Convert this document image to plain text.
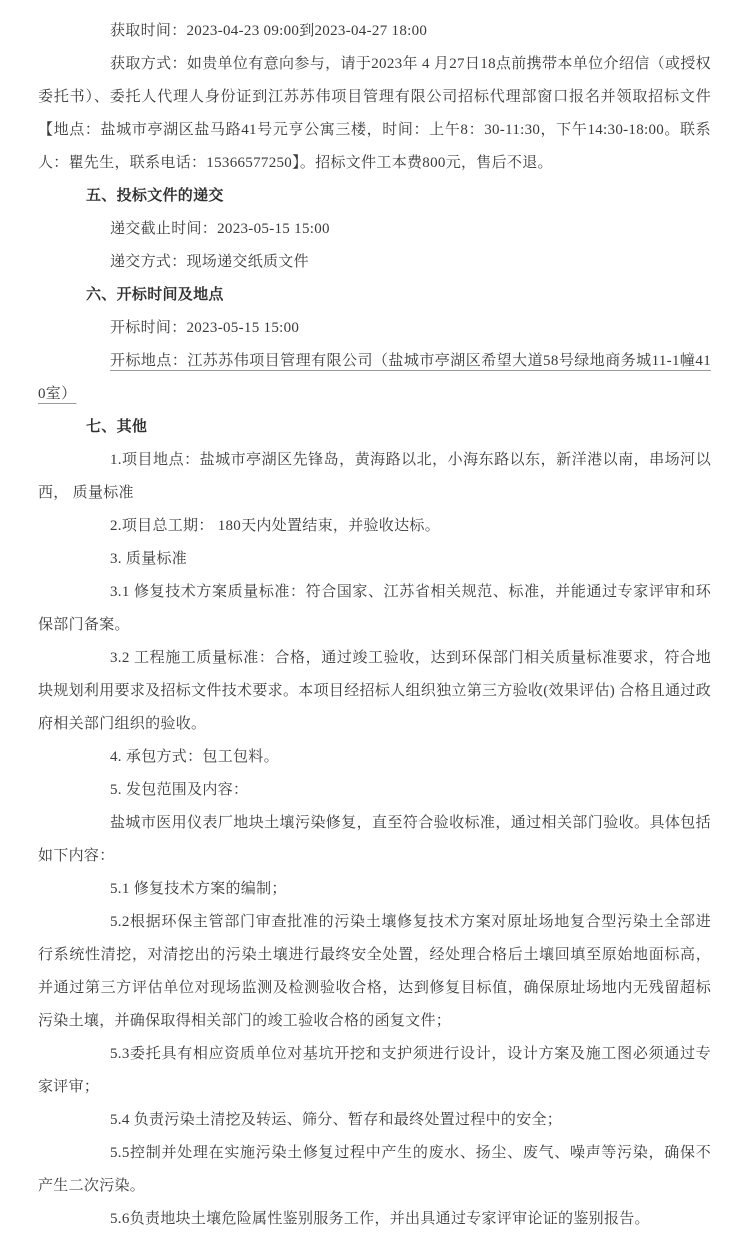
获取时间：2023-04-23 09:00到2023-04-27 18:00

获取方式：如贵单位有意向参与，请于2023年 4 月27日18点前携带本单位介绍信（或授权委托书）、委托人代理人身份证到江苏苏伟项目管理有限公司招标代理部窗口报名并领取招标文件【地点：盐城市亭湖区盐马路41号元亨公寓三楼，时间：上午8：30-11:30，下午14:30-18:00。联系人：瞿先生，联系电话：15366577250】。招标文件工本费800元，售后不退。

五、投标文件的递交

递交截止时间：2023-05-15 15:00

递交方式：现场递交纸质文件

六、开标时间及地点

开标时间：2023-05-15 15:00

开标地点：江苏苏伟项目管理有限公司（盐城市亭湖区希望大道58号绿地商务城11-1幢410室）

七、其他

1.项目地点：盐城市亭湖区先锋岛，黄海路以北，小海东路以东，新洋港以南，串场河以西， 质量标准

2.项目总工期： 180天内处置结束，并验收达标。

3. 质量标准

3.1 修复技术方案质量标准：符合国家、江苏省相关规范、标准，并能通过专家评审和环保部门备案。

3.2 工程施工质量标准：合格，通过竣工验收，达到环保部门相关质量标准要求，符合地块规划利用要求及招标文件技术要求。本项目经招标人组织独立第三方验收(效果评估) 合格且通过政府相关部门组织的验收。

4. 承包方式：包工包料。

5. 发包范围及内容：

盐城市医用仪表厂地块土壤污染修复，直至符合验收标准，通过相关部门验收。具体包括如下内容：

5.1 修复技术方案的编制；

5.2根据环保主管部门审查批准的污染土壤修复技术方案对原址场地复合型污染土全部进行系统性清挖，对清挖出的污染土壤进行最终安全处置，经处理合格后土壤回填至原始地面标高，并通过第三方评估单位对现场监测及检测验收合格，达到修复目标值，确保原址场地内无残留超标污染土壤，并确保取得相关部门的竣工验收合格的函复文件；

5.3委托具有相应资质单位对基坑开挖和支护须进行设计，设计方案及施工图必须通过专家评审；

5.4 负责污染土清挖及转运、筛分、暂存和最终处置过程中的安全；

5.5控制并处理在实施污染土修复过程中产生的废水、扬尘、废气、噪声等污染，确保不产生二次污染。

5.6负责地块土壤危险属性鉴别服务工作，并出具通过专家评审论证的鉴别报告。
